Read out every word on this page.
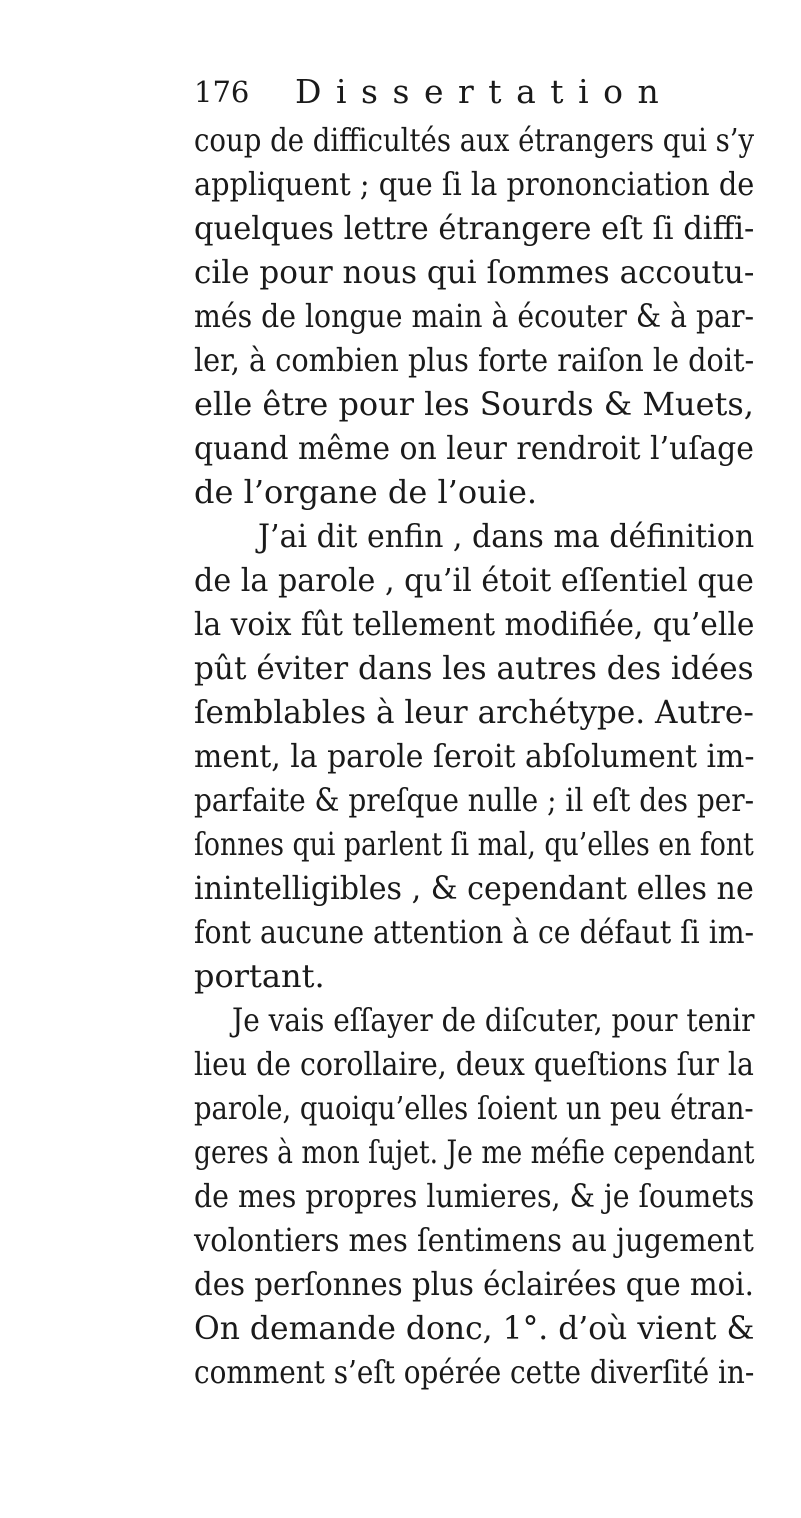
176 Dissertation
coup de difficultés aux étrangers qui s’y
appliquent ; que ſi la prononciation de
quelques lettre étrangere eſt ſi diffi-
cile pour nous qui ſommes accoutu-
més de longue main à écouter & à par-
ler, à combien plus forte raiſon le doit-
elle être pour les Sourds & Muets,
quand même on leur rendroit l’uſage
de l’organe de l’ouie.
J’ai dit enfin , dans ma définition
de la parole , qu’il étoit eſſentiel que
la voix fût tellement modifiée, qu’elle
pût éviter dans les autres des idées
ſemblables à leur archétype. Autre-
ment, la parole ſeroit abſolument im-
parfaite & preſque nulle ; il eſt des per-
ſonnes qui parlent ſi mal, qu’elles en font
inintelligibles , & cependant elles ne
font aucune attention à ce défaut ſi im-
portant.
Je vais eſſayer de diſcuter, pour tenir
lieu de corollaire, deux queſtions ſur la
parole, quoiqu’elles ſoient un peu étran-
geres à mon ſujet. Je me méfie cependant
de mes propres lumieres, & je ſoumets
volontiers mes ſentimens au jugement
des perſonnes plus éclairées que moi.
On demande donc, 1°. d’où vient &
comment s’eſt opérée cette diverſité in-
